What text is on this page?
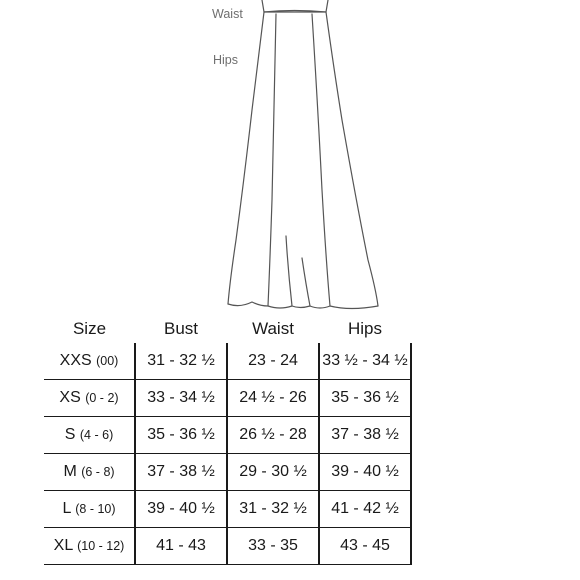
Waist
Hips
Size	Bust	Waist	Hips
XXS (00)	31 - 32 ½	23 - 24	33 ½ - 34 ½
XS (0 - 2)	33 - 34 ½	24 ½ - 26	35 - 36 ½
S (4 - 6)	35 - 36 ½	26 ½ - 28	37 - 38 ½
M (6 - 8)	37 - 38 ½	29 - 30 ½	39 - 40 ½
L (8 - 10)	39 - 40 ½	31 - 32 ½	41 - 42 ½
XL (10 - 12)	41 - 43	33 - 35	43 - 45
